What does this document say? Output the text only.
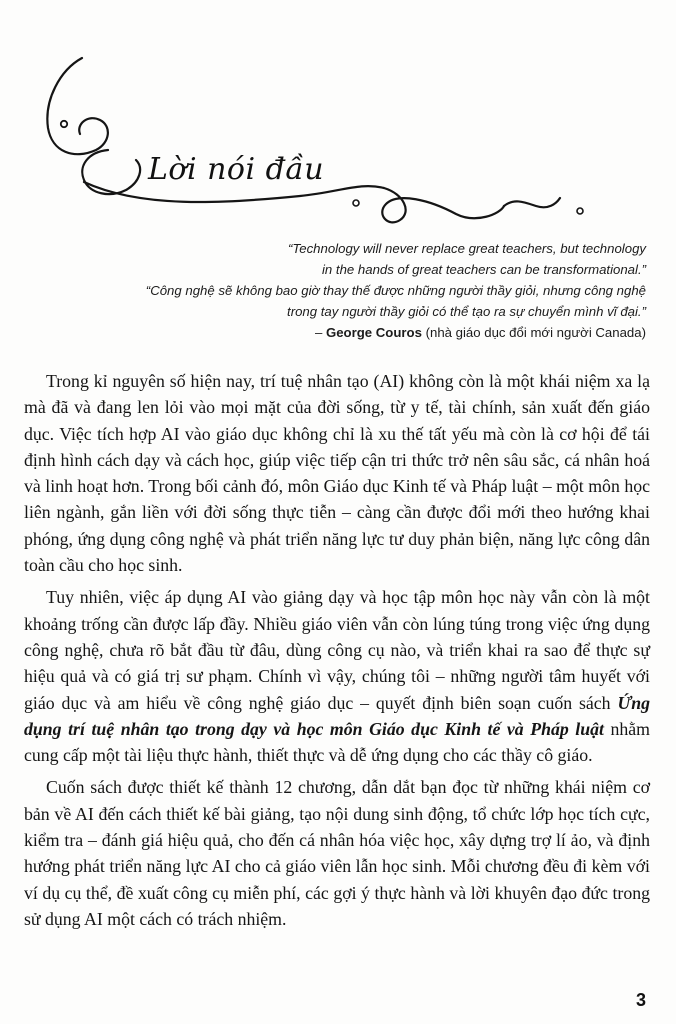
Lời nói đầu
“Technology will never replace great teachers, but technology
in the hands of great teachers can be transformational.”
“Công nghệ sẽ không bao giờ thay thế được những người thầy giỏi, nhưng công nghệ
trong tay người thầy giỏi có thể tạo ra sự chuyển mình vĩ đại.”
– George Couros (nhà giáo dục đổi mới người Canada)

Trong kỉ nguyên số hiện nay, trí tuệ nhân tạo (AI) không còn là một khái niệm xa lạ mà đã và đang len lỏi vào mọi mặt của đời sống, từ y tế, tài chính, sản xuất đến giáo dục. Việc tích hợp AI vào giáo dục không chỉ là xu thế tất yếu mà còn là cơ hội để tái định hình cách dạy và cách học, giúp việc tiếp cận tri thức trở nên sâu sắc, cá nhân hoá và linh hoạt hơn. Trong bối cảnh đó, môn Giáo dục Kinh tế và Pháp luật – một môn học liên ngành, gắn liền với đời sống thực tiễn – càng cần được đổi mới theo hướng khai phóng, ứng dụng công nghệ và phát triển năng lực tư duy phản biện, năng lực công dân toàn cầu cho học sinh.

Tuy nhiên, việc áp dụng AI vào giảng dạy và học tập môn học này vẫn còn là một khoảng trống cần được lấp đầy. Nhiều giáo viên vẫn còn lúng túng trong việc ứng dụng công nghệ, chưa rõ bắt đầu từ đâu, dùng công cụ nào, và triển khai ra sao để thực sự hiệu quả và có giá trị sư phạm. Chính vì vậy, chúng tôi – những người tâm huyết với giáo dục và am hiểu về công nghệ giáo dục – quyết định biên soạn cuốn sách Ứng dụng trí tuệ nhân tạo trong dạy và học môn Giáo dục Kinh tế và Pháp luật nhằm cung cấp một tài liệu thực hành, thiết thực và dễ ứng dụng cho các thầy cô giáo.

Cuốn sách được thiết kế thành 12 chương, dẫn dắt bạn đọc từ những khái niệm cơ bản về AI đến cách thiết kế bài giảng, tạo nội dung sinh động, tổ chức lớp học tích cực, kiểm tra – đánh giá hiệu quả, cho đến cá nhân hóa việc học, xây dựng trợ lí ảo, và định hướng phát triển năng lực AI cho cả giáo viên lẫn học sinh. Mỗi chương đều đi kèm với ví dụ cụ thể, đề xuất công cụ miễn phí, các gợi ý thực hành và lời khuyên đạo đức trong sử dụng AI một cách có trách nhiệm.

3
